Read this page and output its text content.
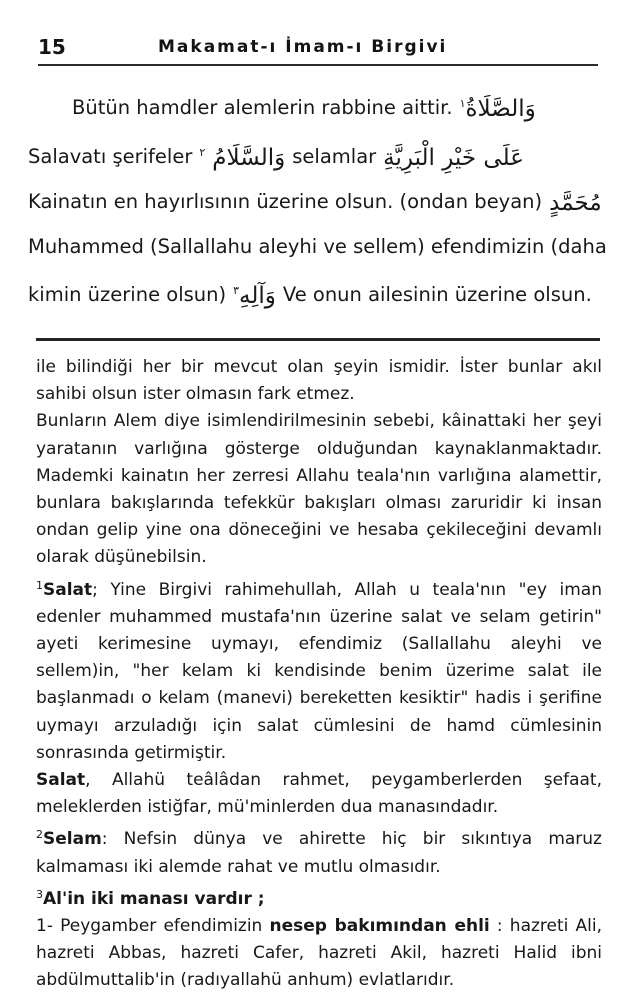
15	Makamat-ı İmam-ı Birgivi
Bütün hamdler alemlerin rabbine aittir. $^١$وَالصَّلَاةُ
Salavatı şerifeler $^٢$ وَالسَّلَامُ selamlar عَلَى خَيْرِ الْبَرِيَّةِ
Kainatın en hayırlısının üzerine olsun. (ondan beyan) مُحَمَّدٍ
Muhammed (Sallallahu aleyhi ve sellem) efendimizin (daha
kimin üzerine olsun) $^٣$وَآلِهِ Ve onun ailesinin üzerine olsun.

ile bilindiği her bir mevcut olan şeyin ismidir. İster bunlar akıl sahibi olsun ister olmasın fark etmez.

Bunların Alem diye isimlendirilmesinin sebebi, kâinattaki her şeyi yaratanın varlığına gösterge olduğundan kaynaklanmaktadır. Mademki kainatın her zerresi Allahu teala'nın varlığına alamettir, bunlara bakışlarında tefekkür bakışları olması zaruridir ki insan ondan gelip yine ona döneceğini ve hesaba çekileceğini devamlı olarak düşünebilsin.

$^1$Salat; Yine Birgivi rahimehullah, Allah u teala'nın "ey iman edenler muhammed mustafa'nın üzerine salat ve selam getirin" ayeti kerimesine uymayı, efendimiz (Sallallahu aleyhi ve sellem)in, "her kelam ki kendisinde benim üzerime salat ile başlanmadı o kelam (manevi) bereketten kesiktir" hadis i şerifine uymayı arzuladığı için salat cümlesini de hamd cümlesinin sonrasında getirmiştir.

Salat, Allahü teâlâdan rahmet, peygamberlerden şefaat, meleklerden istiğfar, mü'minlerden dua manasındadır.

$^2$Selam: Nefsin dünya ve ahirette hiç bir sıkıntıya maruz kalmaması iki alemde rahat ve mutlu olmasıdır.

$^3$Al'in iki manası vardır ;

1- Peygamber efendimizin nesep bakımından ehli : hazreti Ali, hazreti Abbas, hazreti Cafer, hazreti Akil, hazreti Halid ibni abdülmuttalib'in (radıyallahü anhum) evlatlarıdır.
